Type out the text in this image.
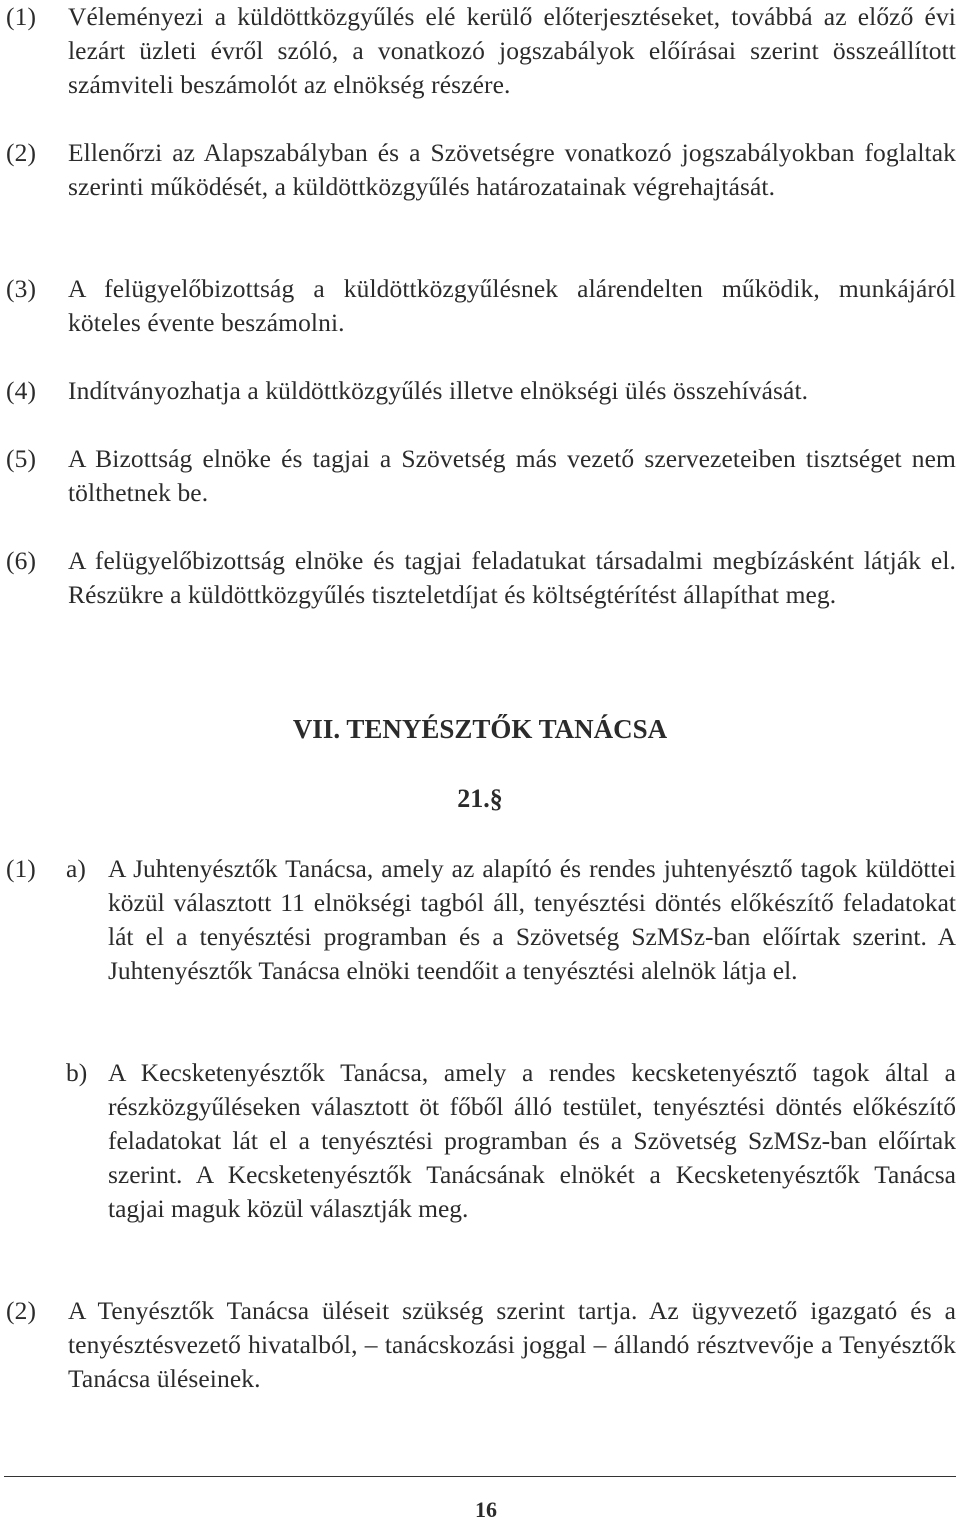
(1) Véleményezi a küldöttközgyűlés elé kerülő előterjesztéseket, továbbá az előző évi lezárt üzleti évről szóló, a vonatkozó jogszabályok előírásai szerint összeállított számviteli beszámolót az elnökség részére.
(2) Ellenőrzi az Alapszabályban és a Szövetségre vonatkozó jogszabályokban foglaltak szerinti működését, a küldöttközgyűlés határozatainak végrehajtását.
(3) A felügyelőbizottság a küldöttközgyűlésnek alárendelten működik, munkájáról köteles évente beszámolni.
(4) Indítványozhatja a küldöttközgyűlés illetve elnökségi ülés összehívását.
(5) A Bizottság elnöke és tagjai a Szövetség más vezető szervezeteiben tisztséget nem tölthetnek be.
(6) A felügyelőbizottság elnöke és tagjai feladatukat társadalmi megbízásként látják el. Részükre a küldöttközgyűlés tiszteletdíjat és költségtérítést állapíthat meg.
VII. TENYÉSZTŐK TANÁCSA
21.§
(1) a) A Juhtenyésztők Tanácsa, amely az alapító és rendes juhtenyésztő tagok küldöttei közül választott 11 elnökségi tagból áll, tenyésztési döntés előkészítő feladatokat lát el a tenyésztési programban és a Szövetség SzMSz-ban előírtak szerint. A Juhtenyésztők Tanácsa elnöki teendőit a tenyésztési alelnök látja el.
b) A Kecsketenyésztők Tanácsa, amely a rendes kecsketenyésztő tagok által a részközgyűléseken választott öt főből álló testület, tenyésztési döntés előkészítő feladatokat lát el a tenyésztési programban és a Szövetség SzMSz-ban előírtak szerint. A Kecsketenyésztők Tanácsának elnökét a Kecsketenyésztők Tanácsa tagjai maguk közül választják meg.
(2) A Tenyésztők Tanácsa üléseit szükség szerint tartja. Az ügyvezető igazgató és a tenyésztésvezető hivatalból, – tanácskozási joggal – állandó résztvevője a Tenyésztők Tanácsa üléseinek.
16
